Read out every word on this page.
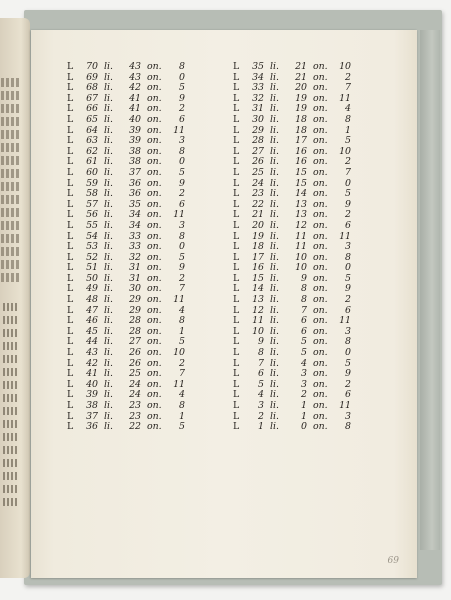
L	70 li.	43 on.	8
L	69 li.	43 on.	0
L	68 li.	42 on.	5
L	67 li.	41 on.	9
L	66 li.	41 on.	2
L	65 li.	40 on.	6
L	64 li.	39 on.	11
L	63 li.	39 on.	3
L	62 li.	38 on.	8
L	61 li.	38 on.	0
L	60 li.	37 on.	5
L	59 li.	36 on.	9
L	58 li.	36 on.	2
L	57 li.	35 on.	6
L	56 li.	34 on.	11
L	55 li.	34 on.	3
L	54 li.	33 on.	8
L	53 li.	33 on.	0
L	52 li.	32 on.	5
L	51 li.	31 on.	9
L	50 li.	31 on.	2
L	49 li.	30 on.	7
L	48 li.	29 on.	11
L	47 li.	29 on.	4
L	46 li.	28 on.	8
L	45 li.	28 on.	1
L	44 li.	27 on.	5
L	43 li.	26 on.	10
L	42 li.	26 on.	2
L	41 li.	25 on.	7
L	40 li.	24 on.	11
L	39 li.	24 on.	4
L	38 li.	23 on.	8
L	37 li.	23 on.	1
L	36 li.	22 on.	5
L	35 li.	21 on.	10
L	34 li.	21 on.	2
L	33 li.	20 on.	7
L	32 li.	19 on.	11
L	31 li.	19 on.	4
L	30 li.	18 on.	8
L	29 li.	18 on.	1
L	28 li.	17 on.	5
L	27 li.	16 on.	10
L	26 li.	16 on.	2
L	25 li.	15 on.	7
L	24 li.	15 on.	0
L	23 li.	14 on.	5
L	22 li.	13 on.	9
L	21 li.	13 on.	2
L	20 li.	12 on.	6
L	19 li.	11 on.	11
L	18 li.	11 on.	3
L	17 li.	10 on.	8
L	16 li.	10 on.	0
L	15 li.	9 on.	5
L	14 li.	8 on.	9
L	13 li.	8 on.	2
L	12 li.	7 on.	6
L	11 li.	6 on.	11
L	10 li.	6 on.	3
L	9 li.	5 on.	8
L	8 li.	5 on.	0
L	7 li.	4 on.	5
L	6 li.	3 on.	9
L	5 li.	3 on.	2
L	4 li.	2 on.	6
L	3 li.	1 on.	11
L	2 li.	1 on.	3
L	1 li.	0 on.	8
69
